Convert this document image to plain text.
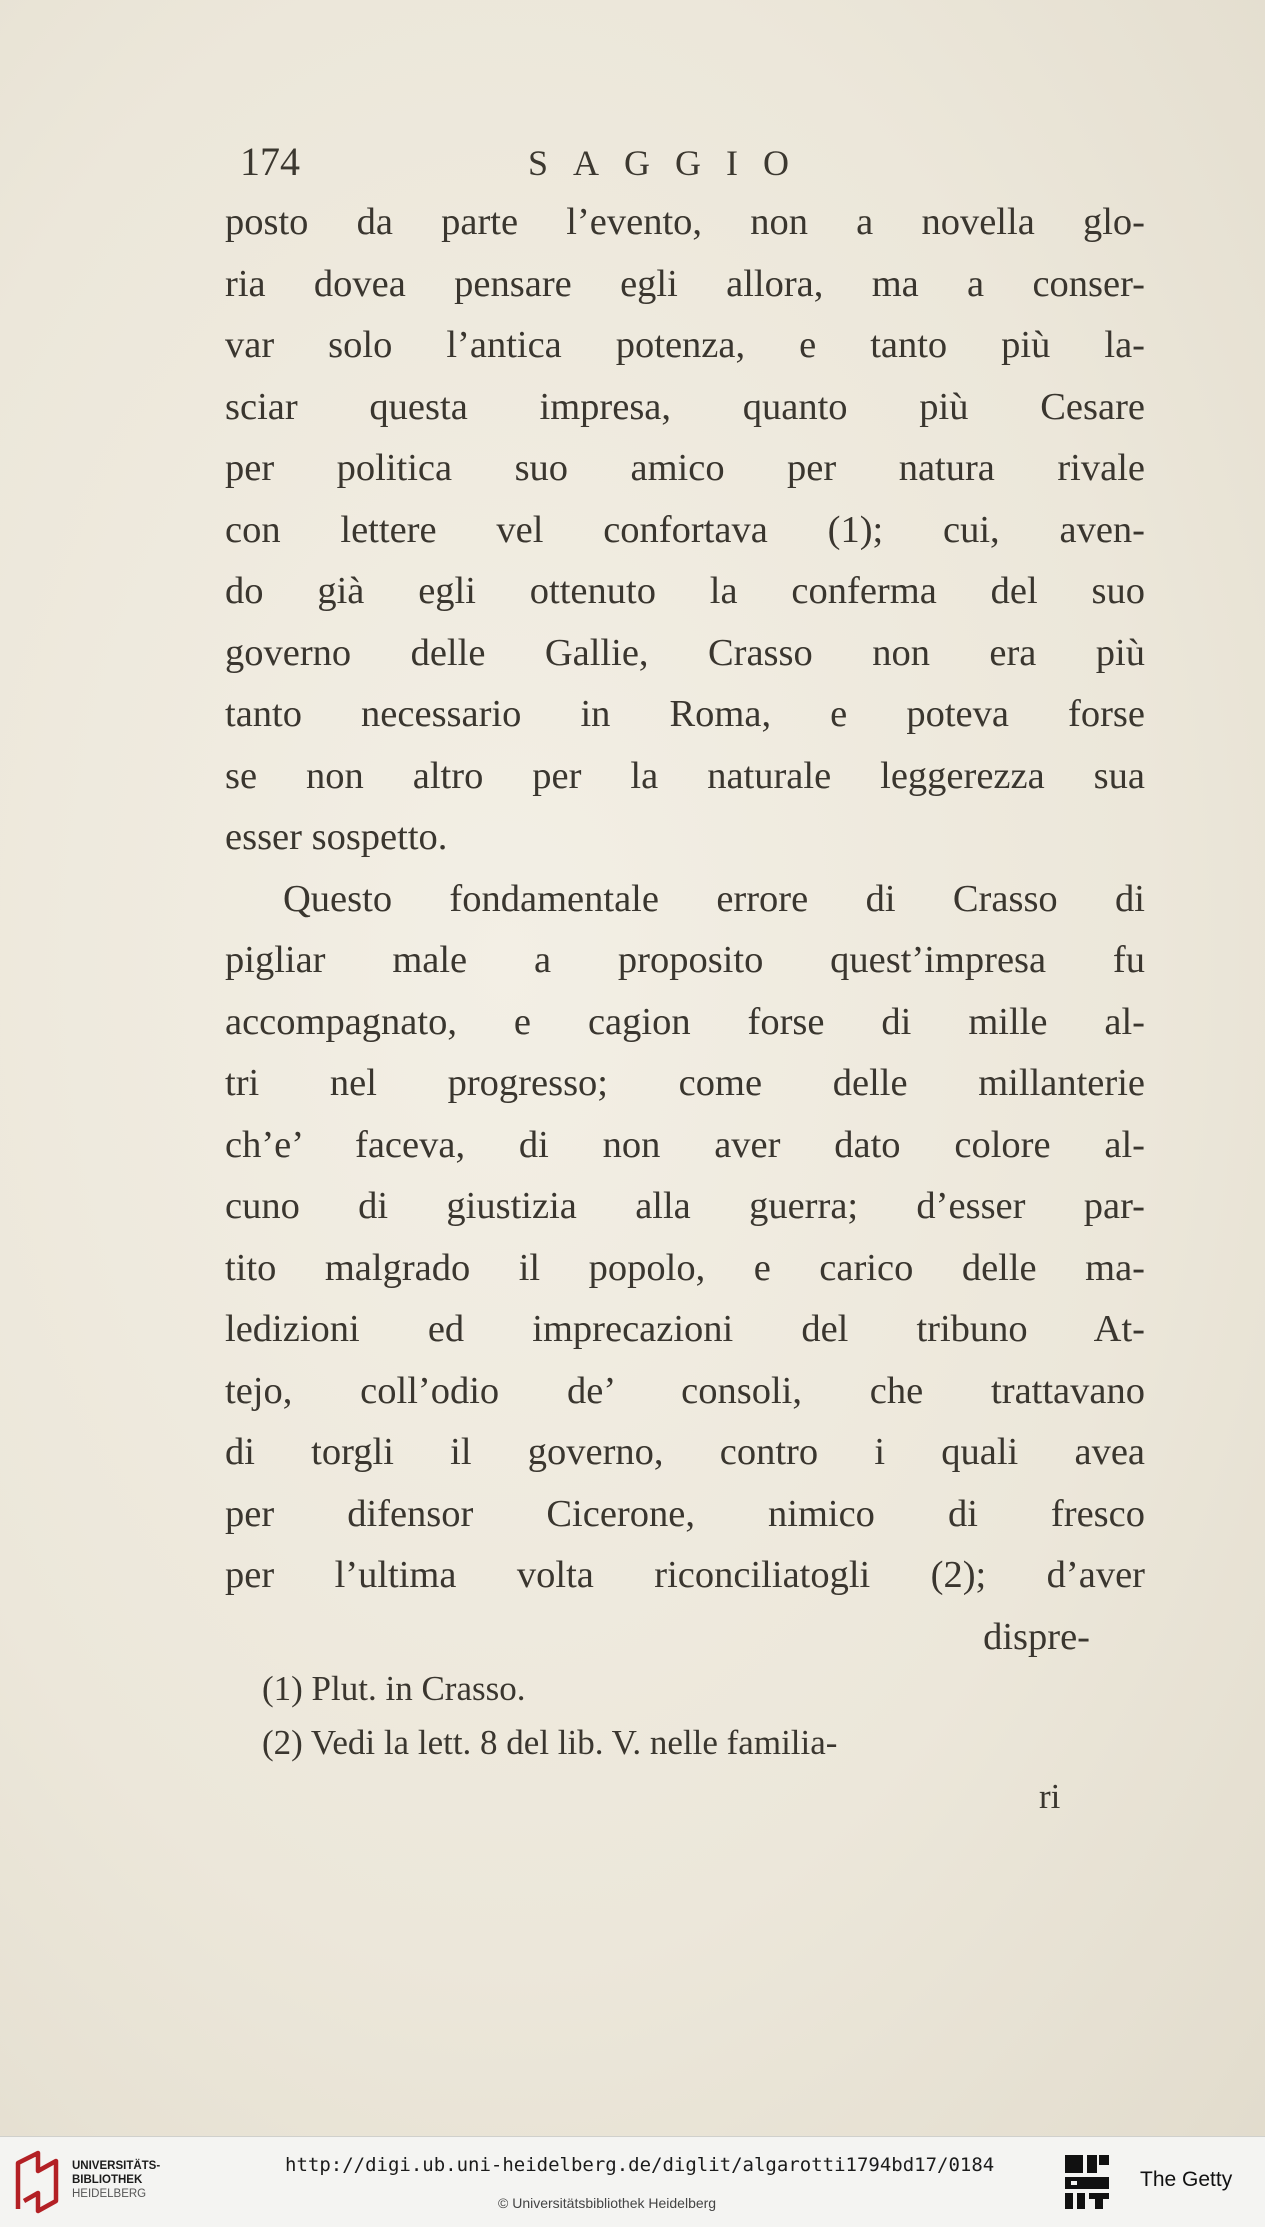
174	SAGGIO
posto da parte l’evento, non a novella glo-
ria dovea pensare egli allora, ma a conser-
var solo l’antica potenza, e tanto più la-
sciar questa impresa, quanto più Cesare
per politica suo amico per natura rivale
con lettere vel confortava (1); cui, aven-
do già egli ottenuto la conferma del suo
governo delle Gallie, Crasso non era più
tanto necessario in Roma, e poteva forse
se non altro per la naturale leggerezza sua
esser sospetto.
Questo fondamentale errore di Crasso di
pigliar male a proposito quest’impresa fu
accompagnato, e cagion forse di mille al-
tri nel progresso; come delle millanterie
ch’e’ faceva, di non aver dato colore al-
cuno di giustizia alla guerra; d’esser par-
tito malgrado il popolo, e carico delle ma-
ledizioni ed imprecazioni del tribuno At-
tejo, coll’odio de’ consoli, che trattavano
di torgli il governo, contro i quali avea
per difensor Cicerone, nimico di fresco
per l’ultima volta riconciliatogli (2); d’aver
dispre-
(1) Plut. in Crasso.
(2) Vedi la lett. 8 del lib. V. nelle familia-
ri
UNIVERSITÄTS-
BIBLIOTHEK
HEIDELBERG
http://digi.ub.uni-heidelberg.de/diglit/algarotti1794bd17/0184
© Universitätsbibliothek Heidelberg
The Getty
